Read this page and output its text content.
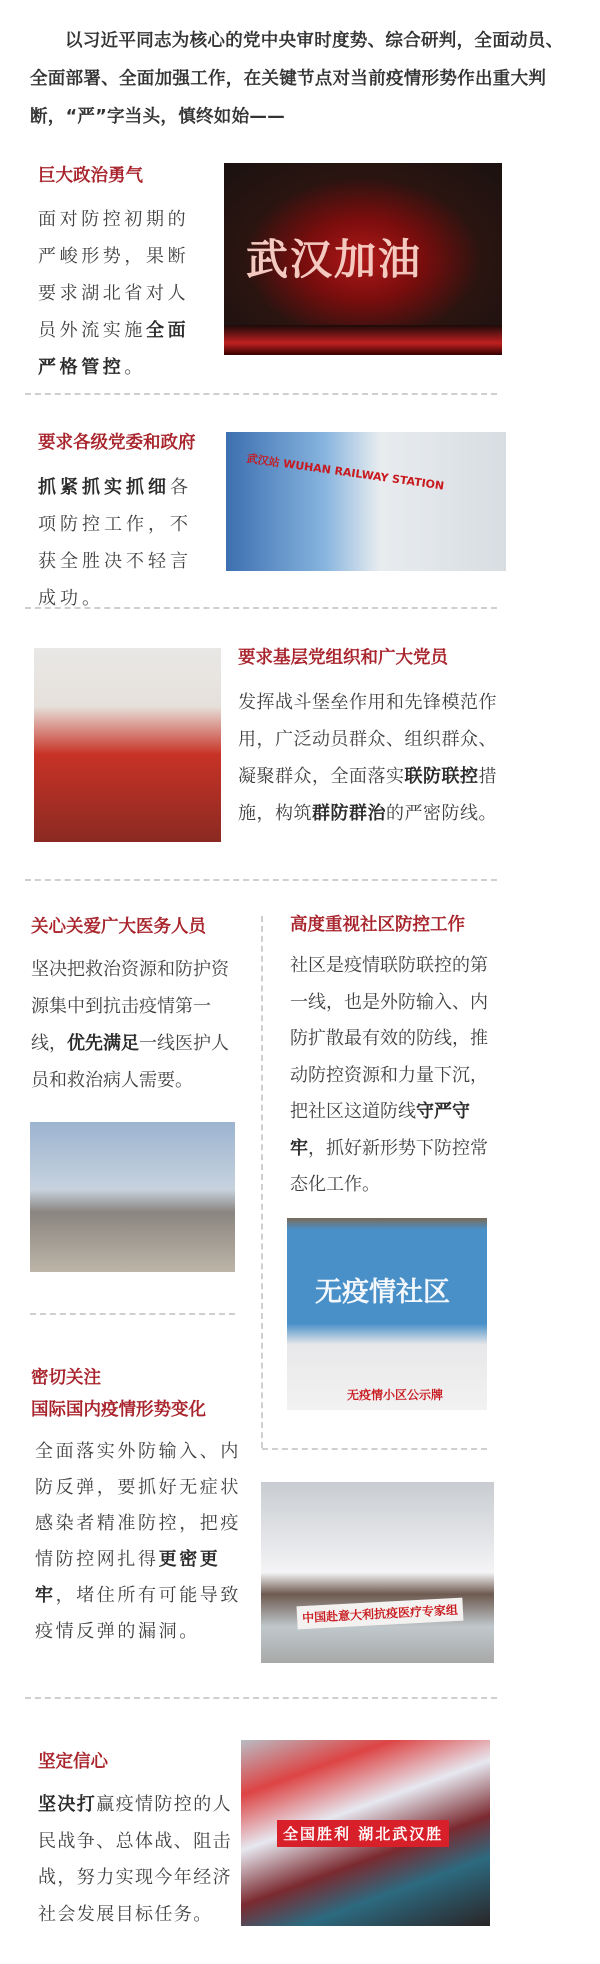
以习近平同志为核心的党中央审时度势、综合研判，全面动员、全面部署、全面加强工作，在关键节点对当前疫情形势作出重大判断，“严”字当头，慎终如始——
巨大政治勇气
面对防控初期的严峻形势，果断要求湖北省对人员外流实施全面严格管控。
武汉加油
要求各级党委和政府
抓紧抓实抓细各项防控工作，不获全胜决不轻言成功。
武汉站 WUHAN RAILWAY STATION
要求基层党组织和广大党员
发挥战斗堡垒作用和先锋模范作用，广泛动员群众、组织群众、凝聚群众，全面落实联防联控措施，构筑群防群治的严密防线。
关心关爱广大医务人员
坚决把救治资源和防护资源集中到抗击疫情第一线，优先满足一线医护人员和救治病人需要。
高度重视社区防控工作
社区是疫情联防联控的第一线，也是外防输入、内防扩散最有效的防线，推动防控资源和力量下沉，把社区这道防线守严守牢，抓好新形势下防控常态化工作。
无疫情社区
无疫情小区公示牌
密切关注
国际国内疫情形势变化
全面落实外防输入、内防反弹，要抓好无症状感染者精准防控，把疫情防控网扎得更密更牢，堵住所有可能导致疫情反弹的漏洞。
中国赴意大利抗疫医疗专家组
坚定信心
坚决打赢疫情防控的人民战争、总体战、阻击战，努力实现今年经济社会发展目标任务。
全国胜利 湖北武汉胜
